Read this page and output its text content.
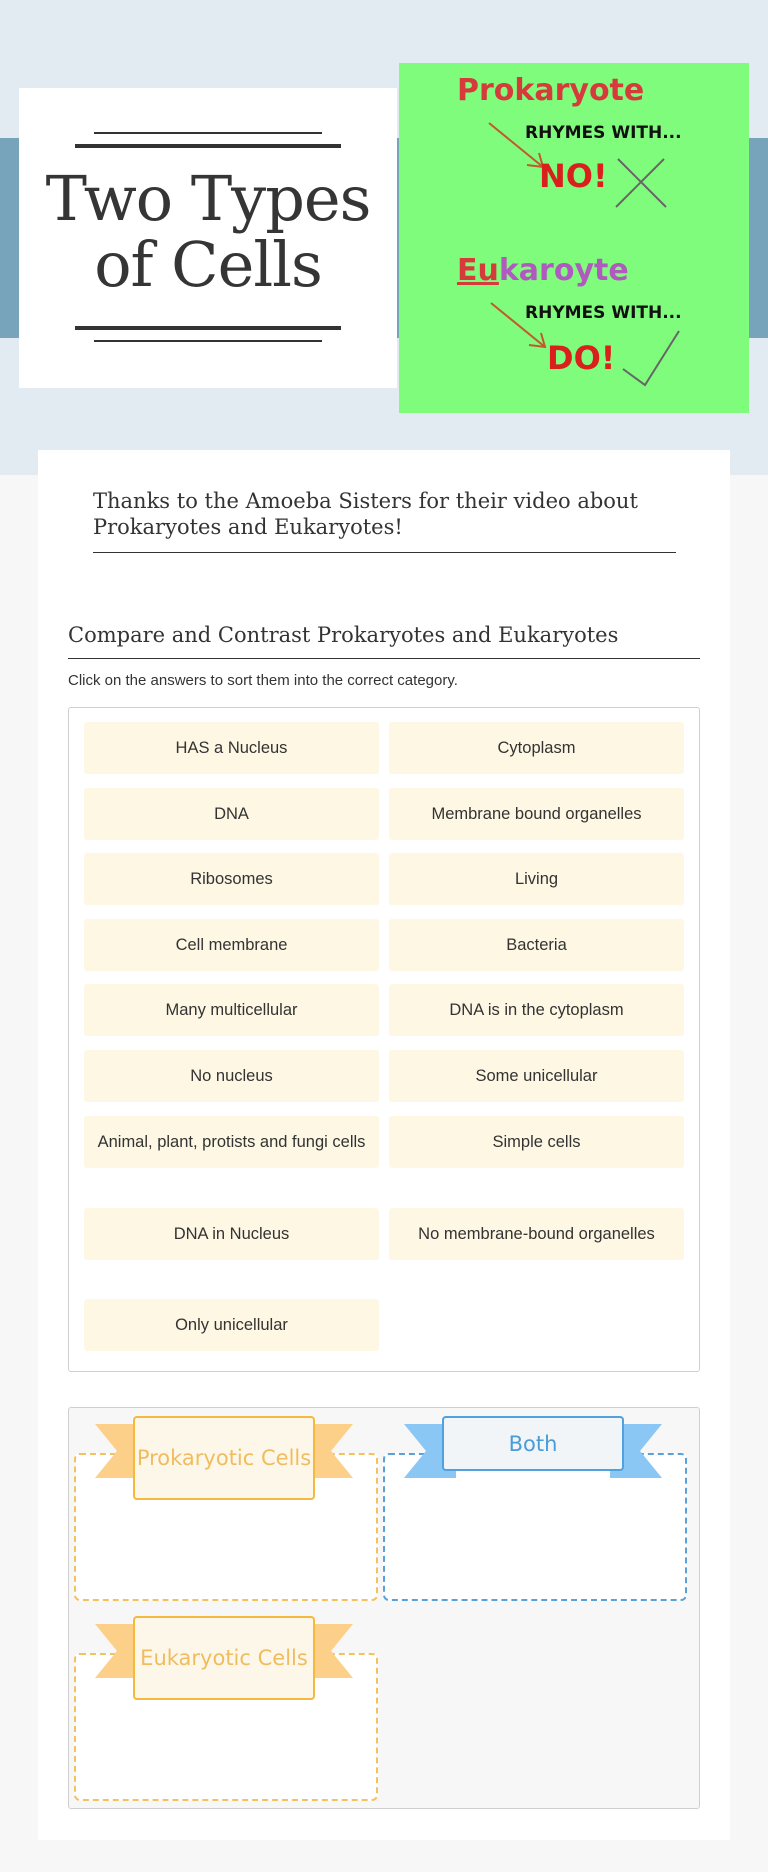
Two Types
of Cells
Prokaryote
RHYMES WITH...
NO!
Eukaroyte
RHYMES WITH...
DO!
Thanks to the Amoeba Sisters for their video about Prokaryotes and Eukaryotes!
Compare and Contrast Prokaryotes and Eukaryotes
Click on the answers to sort them into the correct category.
HAS a Nucleus	Cytoplasm
DNA	Membrane bound organelles
Ribosomes	Living
Cell membrane	Bacteria
Many multicellular	DNA is in the cytoplasm
No nucleus	Some unicellular
Animal, plant, protists and fungi cells	Simple cells
DNA in Nucleus	No membrane-bound organelles
Only unicellular
Prokaryotic Cells
Both
Eukaryotic Cells
